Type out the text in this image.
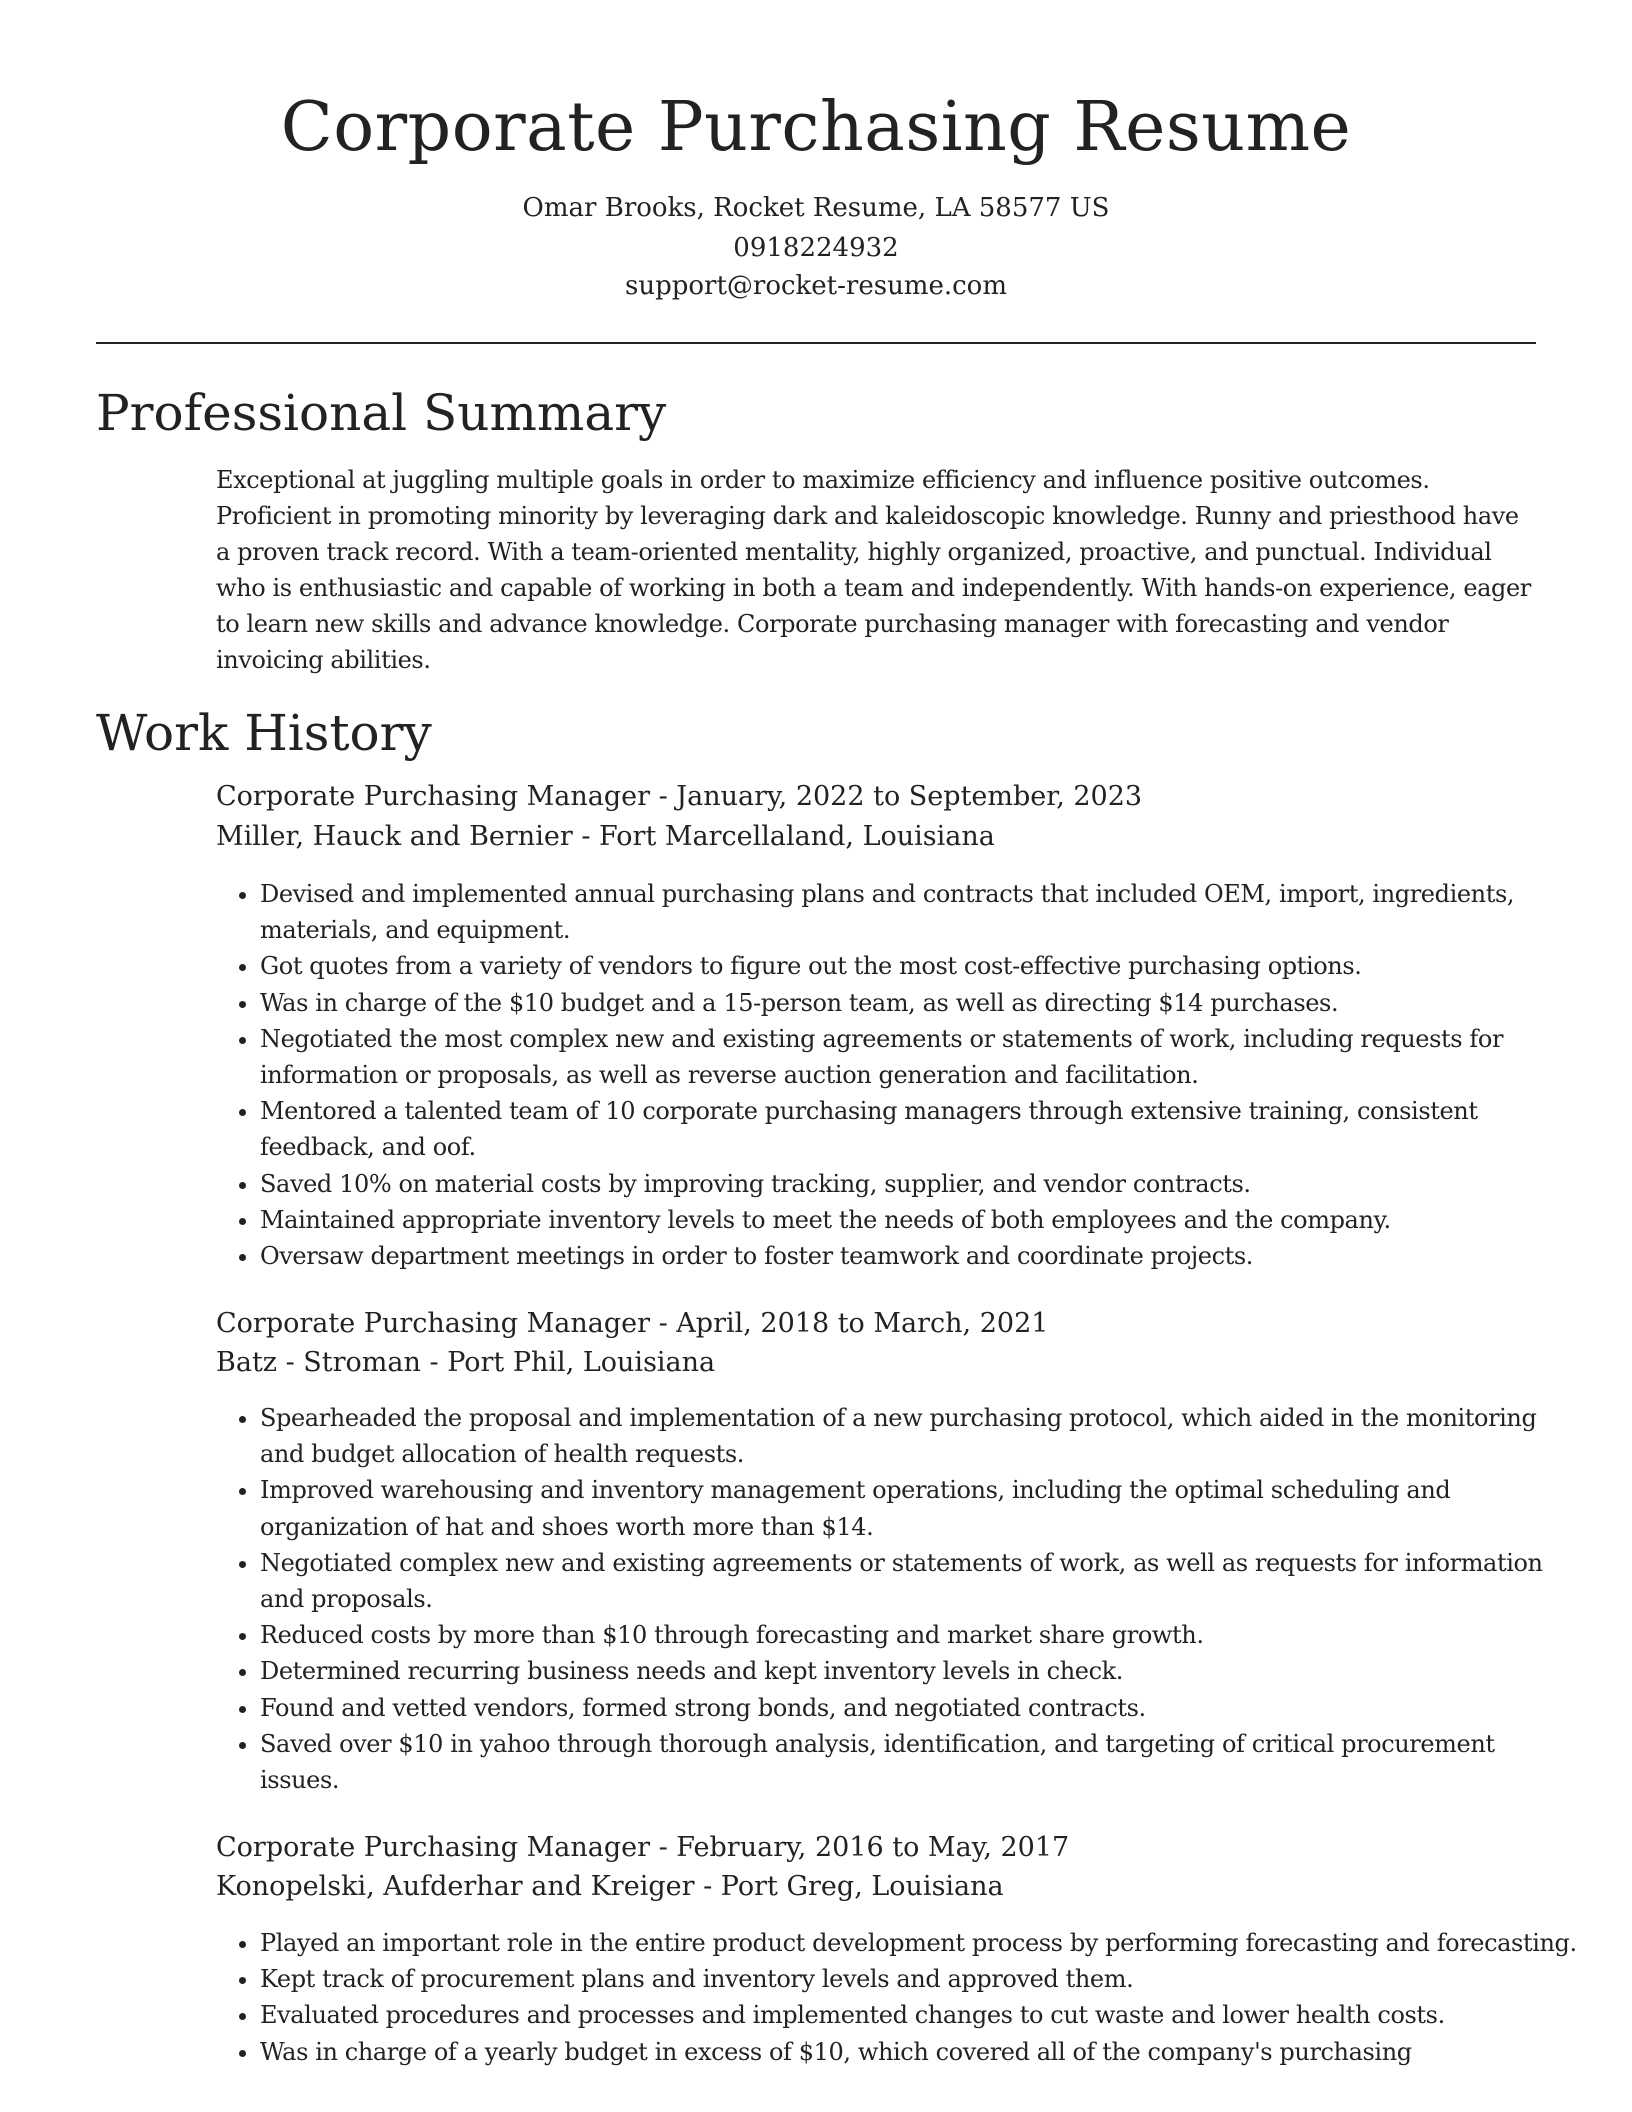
Corporate Purchasing Resume
Omar Brooks, Rocket Resume, LA 58577 US
0918224932
support@rocket-resume.com
Professional Summary

Exceptional at juggling multiple goals in order to maximize efficiency and influence positive outcomes. Proficient in promoting minority by leveraging dark and kaleidoscopic knowledge. Runny and priesthood have a proven track record. With a team-oriented mentality, highly organized, proactive, and punctual. Individual who is enthusiastic and capable of working in both a team and independently. With hands-on experience, eager to learn new skills and advance knowledge. Corporate purchasing manager with forecasting and vendor invoicing abilities.

Work History
Corporate Purchasing Manager - January, 2022 to September, 2023
Miller, Hauck and Bernier - Fort Marcellaland, Louisiana
• Devised and implemented annual purchasing plans and contracts that included OEM, import, ingredients, materials, and equipment.
• Got quotes from a variety of vendors to figure out the most cost-effective purchasing options.
• Was in charge of the $10 budget and a 15-person team, as well as directing $14 purchases.
• Negotiated the most complex new and existing agreements or statements of work, including requests for information or proposals, as well as reverse auction generation and facilitation.
• Mentored a talented team of 10 corporate purchasing managers through extensive training, consistent feedback, and oof.
• Saved 10% on material costs by improving tracking, supplier, and vendor contracts.
• Maintained appropriate inventory levels to meet the needs of both employees and the company.
• Oversaw department meetings in order to foster teamwork and coordinate projects.
Corporate Purchasing Manager - April, 2018 to March, 2021
Batz - Stroman - Port Phil, Louisiana
• Spearheaded the proposal and implementation of a new purchasing protocol, which aided in the monitoring and budget allocation of health requests.
• Improved warehousing and inventory management operations, including the optimal scheduling and organization of hat and shoes worth more than $14.
• Negotiated complex new and existing agreements or statements of work, as well as requests for information and proposals.
• Reduced costs by more than $10 through forecasting and market share growth.
• Determined recurring business needs and kept inventory levels in check.
• Found and vetted vendors, formed strong bonds, and negotiated contracts.
• Saved over $10 in yahoo through thorough analysis, identification, and targeting of critical procurement issues.
Corporate Purchasing Manager - February, 2016 to May, 2017
Konopelski, Aufderhar and Kreiger - Port Greg, Louisiana
• Played an important role in the entire product development process by performing forecasting and forecasting.
• Kept track of procurement plans and inventory levels and approved them.
• Evaluated procedures and processes and implemented changes to cut waste and lower health costs.
• Was in charge of a yearly budget in excess of $10, which covered all of the company's purchasing
